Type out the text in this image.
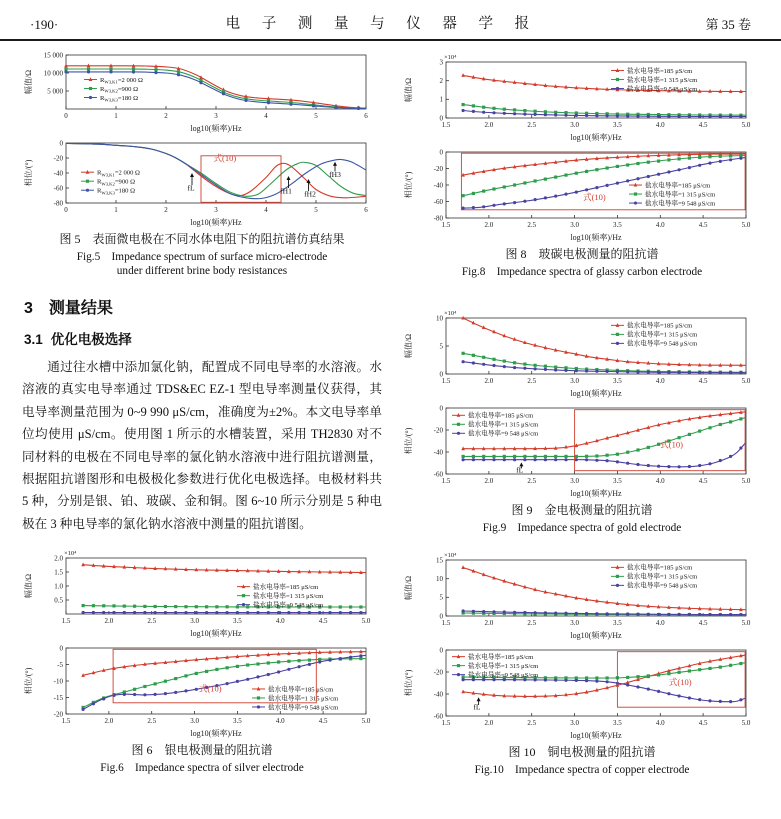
·190·	电 子 测 量 与 仪 器 学 报	第 35 卷
0	1	2	3	4	5	6
5 000
10 000
15 000
log10(频率)/Hz
幅值/Ω	$R_{W3,K1}=2$ 000 Ω
$R_{W3,K2}=900$ Ω
$R_{W3,K3}=180$ Ω
0	1	2	3	4	5	6
0
-20
-40
-60
-80
log10(频率)/Hz
相位/(°)	$R_{W3,K1}=2$ 000 Ω
$R_{W3,K2}=900$ Ω
$R_{W3,K3}=180$ Ω
式(10)
fL	fH1 fH2
fH3
图 5　表面微电极在不同水体电阻下的阻抗谱仿真结果
Fig.5　Impedance spectrum of surface micro-electrode
under different brine body resistances
3 测量结果
3.1 优化电极选择

通过往水槽中添加氯化钠，配置成不同电导率的水溶液。水溶液的真实电导率通过 TDS&EC EZ-1 型电导率测量仪获得，其电导率测量范围为 0~9 990 μS/cm，准确度为±2%。本文电导率单位均使用 μS/cm。使用图 1 所示的水槽装置，采用 TH2830 对不同材料的电极在不同电导率的氯化钠水溶液中进行阻抗谱测量，根据阻抗谱图形和电极极化参数进行优化电极选择。电极材料共 5 种，分别是银、铂、玻碳、金和铜。图 6~10 所示分别是 5 种电极在 3 种电导率的氯化钠水溶液中测量的阻抗谱图。

1.5	2.0	2.5	3.0	3.5	4.0	4.5	5.0
0.5
1.0
1.5
2.0
log10(频率)/Hz
幅值/Ω
×10⁴
盐水电导率=185 μS/cm
盐水电导率=1 315 μS/cm
盐水电导率=9 548 μS/cm
1.5	2.0	2.5	3.0	3.5	4.0	4.5	5.0
0
-5
-10
-15
-20
log10(频率)/Hz
相位/(°)	盐水电导率=185 μS/cm
盐水电导率=1 315 μS/cm
盐水电导率=9 548 μS/cm
式(10)
图 6　银电极测量的阻抗谱
Fig.6　Impedance spectra of silver electrode
1.5	2.0	2.5	3.0	3.5	4.0	4.5	5.0
0
1
2
3
log10(频率)/Hz
幅值/Ω
×10⁴
盐水电导率=185 μS/cm
盐水电导率=1 315 μS/cm
盐水电导率=9 548 μS/cm
1.5	2.0	2.5	3.0	3.5	4.0	4.5	5.0
0
-20
-40
-60
-80
log10(频率)/Hz
相位/(°)	盐水电导率=185 μS/cm
盐水电导率=1 315 μS/cm
盐水电导率=9 548 μS/cm
式(10)
图 8　玻碳电极测量的阻抗谱
Fig.8　Impedance spectra of glassy carbon electrode
1.5	2.0	2.5	3.0	3.5	4.0	4.5	5.0
0
5
10
log10(频率)/Hz
幅值/Ω
×10⁴
盐水电导率=185 μS/cm
盐水电导率=1 315 μS/cm
盐水电导率=9 548 μS/cm
1.5	2.0	2.5	3.0	3.5	4.0	4.5	5.0
0
-20
-40
-60
log10(频率)/Hz
相位/(°)
盐水电导率=185 μS/cm
盐水电导率=1 315 μS/cm
盐水电导率=9 548 μS/cm
式(10)
fL
图 9　金电极测量的阻抗谱
Fig.9　Impedance spectra of gold electrode
1.5	2.0	2.5	3.0	3.5	4.0	4.5	5.0
0
5
10
15
log10(频率)/Hz
幅值/Ω
×10⁴
盐水电导率=185 μS/cm
盐水电导率=1 315 μS/cm
盐水电导率=9 548 μS/cm
1.5	2.0	2.5	3.0	3.5	4.0	4.5	5.0
0
-20
-40
-60
log10(频率)/Hz
相位/(°)
盐水电导率=185 μS/cm
盐水电导率=1 315 μS/cm
盐水电导率=9 548 μS/cm
式(10)
fL
图 10　铜电极测量的阻抗谱
Fig.10　Impedance spectra of copper electrode
